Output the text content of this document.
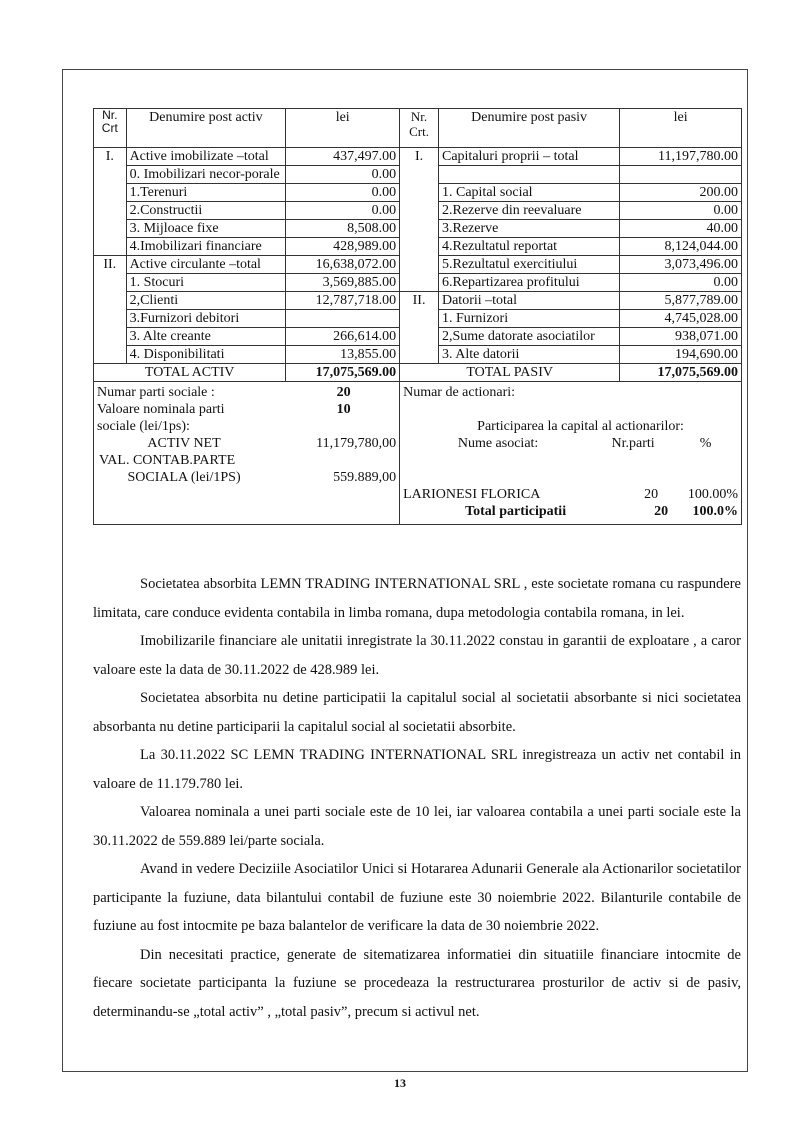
Nr. Crt	Denumire post activ	lei	Nr. Crt.	Denumire post pasiv	lei
I.	Active imobilizate –total	437,497.00	I.	Capitaluri proprii – total	11,197,780.00
	0. Imobilizari necor-porale	0.00			
	1.Terenuri	0.00		1. Capital social	200.00
	2.Constructii	0.00		2.Rezerve din reevaluare	0.00
	3. Mijloace fixe	8,508.00		3.Rezerve	40.00
	4.Imobilizari financiare	428,989.00		4.Rezultatul reportat	8,124,044.00
II.	Active circulante –total	16,638,072.00		5.Rezultatul exercitiului	3,073,496.00
	1. Stocuri	3,569,885.00		6.Repartizarea profitului	0.00
	2,Clienti	12,787,718.00	II.	Datorii –total	5,877,789.00
	3.Furnizori debitori			1. Furnizori	4,745,028.00
	3. Alte creante	266,614.00		2,Sume datorate asociatilor	938,071.00
	4. Disponibilitati	13,855.00		3. Alte datorii	194,690.00
TOTAL ACTIV		17,075,569.00	TOTAL PASIV		17,075,569.00

Numar parti sociale :	20
Valoare nominala parti sociale (lei/1ps):
10
ACTIV NET	11,179,780,00
VAL. CONTAB.PARTE
SOCIALA (lei/1PS)	559.889,00

Numar de actionari:
Participarea la capital al actionarilor:
Nume asociat:	Nr.parti	%
LARIONESI FLORICA	20	100.00%
Total participatii	20	100.0%

Societatea absorbita LEMN TRADING INTERNATIONAL SRL , este societate romana cu raspundere limitata, care conduce evidenta contabila in limba romana, dupa metodologia contabila romana, in lei.

Imobilizarile financiare ale unitatii inregistrate la 30.11.2022 constau in garantii de exploatare , a caror valoare este la data de 30.11.2022 de 428.989 lei.

Societatea absorbita nu detine participatii la capitalul social al societatii absorbante si nici societatea absorbanta nu detine participarii la capitalul social al societatii absorbite.

La 30.11.2022 SC LEMN TRADING INTERNATIONAL SRL inregistreaza un activ net contabil in valoare de 11.179.780 lei.

Valoarea nominala a unei parti sociale este de 10 lei, iar valoarea contabila a unei parti sociale este la 30.11.2022 de 559.889 lei/parte sociala.

Avand in vedere Deciziile Asociatilor Unici si Hotararea Adunarii Generale ala Actionarilor societatilor participante la fuziune, data bilantului contabil de fuziune este 30 noiembrie 2022. Bilanturile contabile de fuziune au fost intocmite pe baza balantelor de verificare la data de 30 noiembrie 2022.

Din necesitati practice, generate de sitematizarea informatiei din situatiile financiare intocmite de fiecare societate participanta la fuziune se procedeaza la restructurarea prosturilor de activ si de pasiv, determinandu-se „total activ” , „total pasiv”, precum si activul net.

13
